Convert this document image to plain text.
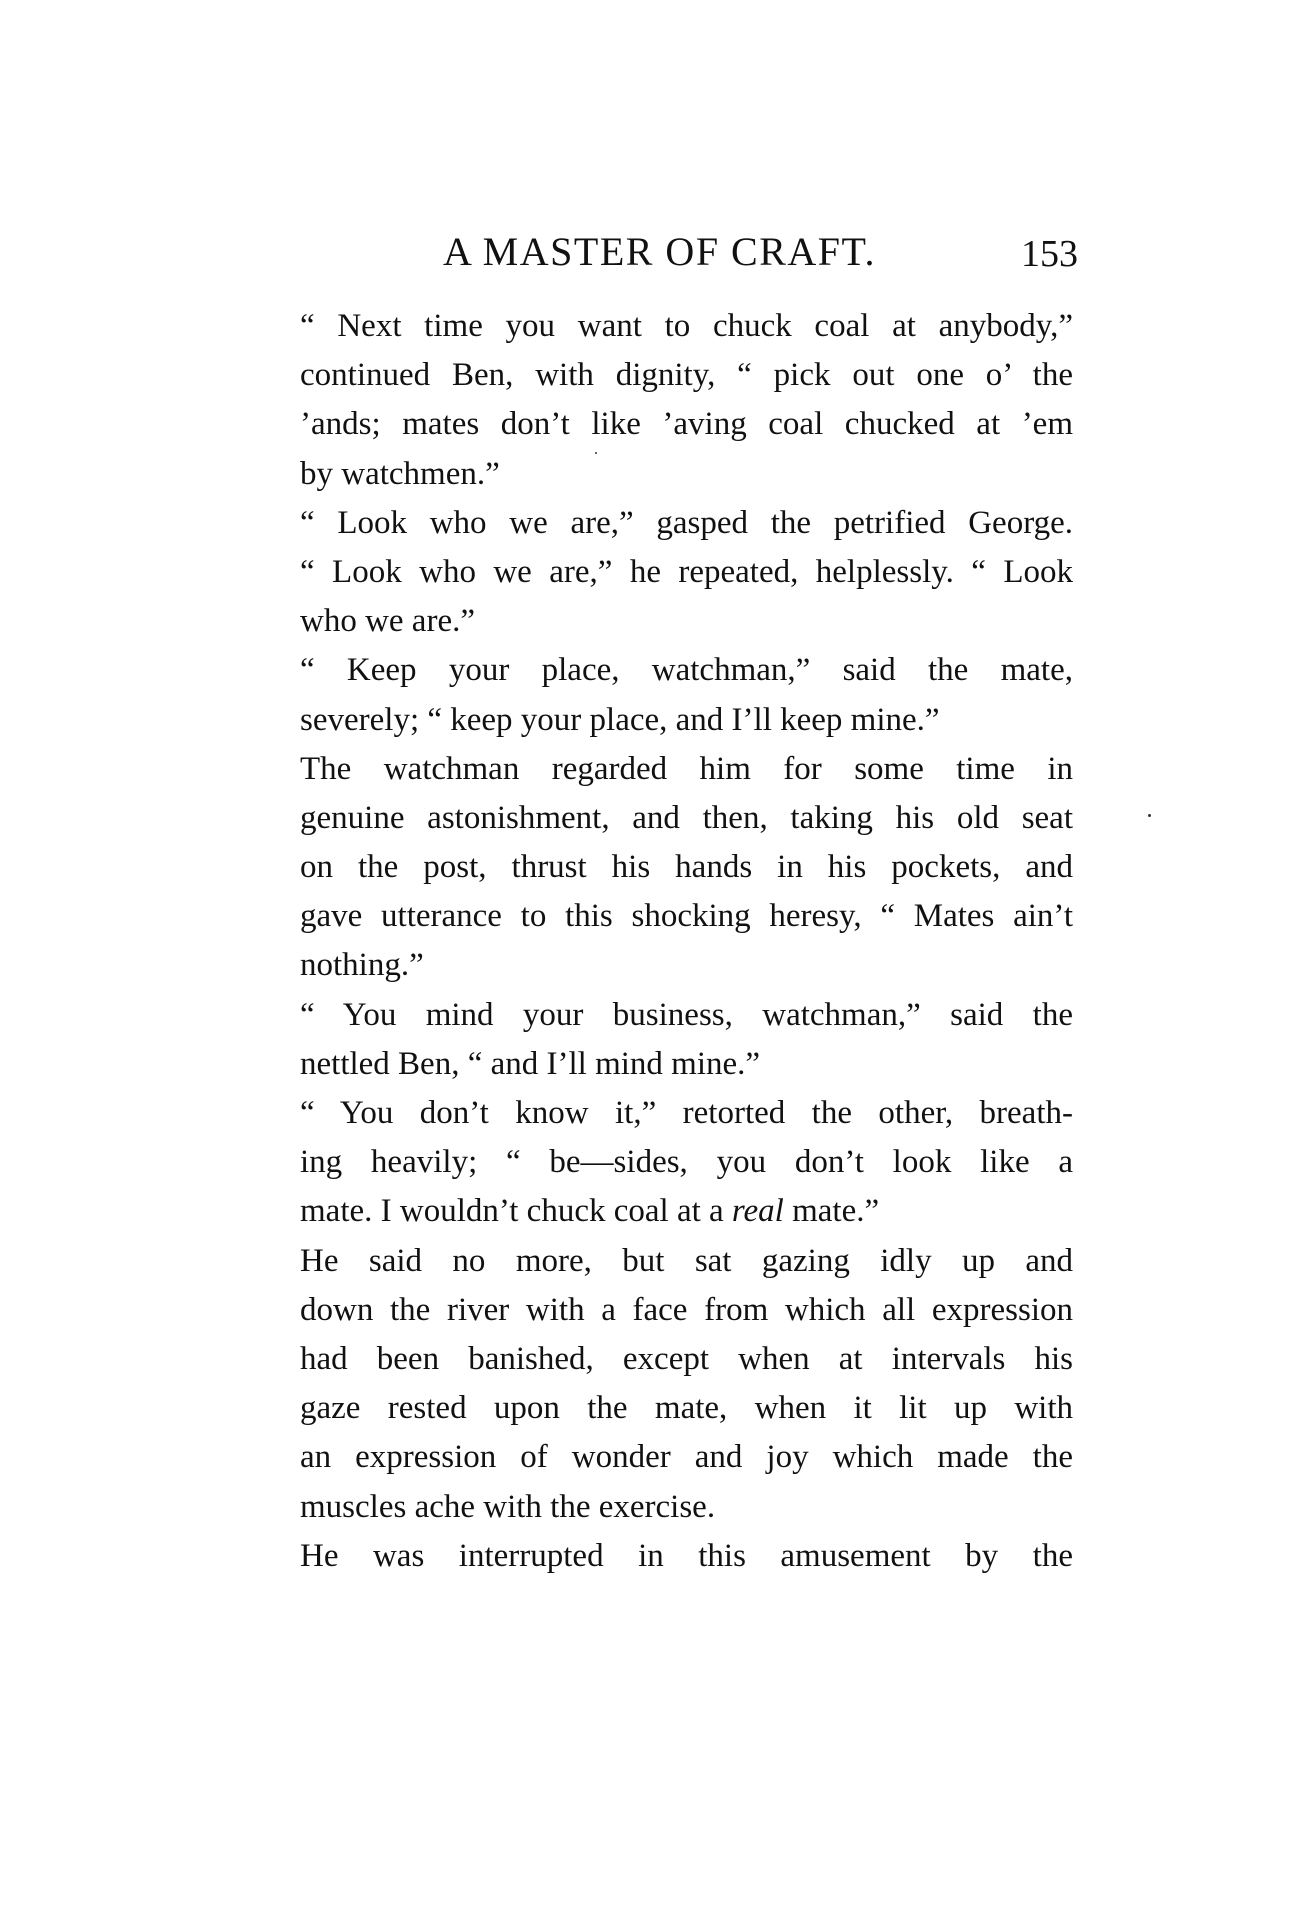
A MASTER OF CRAFT.	153
“ Next time you want to chuck coal at anybody,”
continued Ben, with dignity, “ pick out one o’ the
’ands; mates don’t like ’aving coal chucked at ’em
by watchmen.”
“ Look who we are,” gasped the petrified George.
“ Look who we are,” he repeated, helplessly. “ Look
who we are.”
“ Keep your place, watchman,” said the mate,
severely; “ keep your place, and I’ll keep mine.”
The watchman regarded him for some time in
genuine astonishment, and then, taking his old seat
on the post, thrust his hands in his pockets, and
gave utterance to this shocking heresy, “ Mates ain’t
nothing.”
“ You mind your business, watchman,” said the
nettled Ben, “ and I’ll mind mine.”
“ You don’t know it,” retorted the other, breath-
ing heavily; “ be—sides, you don’t look like a
mate. I wouldn’t chuck coal at a real mate.”
He said no more, but sat gazing idly up and
down the river with a face from which all expression
had been banished, except when at intervals his
gaze rested upon the mate, when it lit up with
an expression of wonder and joy which made the
muscles ache with the exercise.
He was interrupted in this amusement by the
